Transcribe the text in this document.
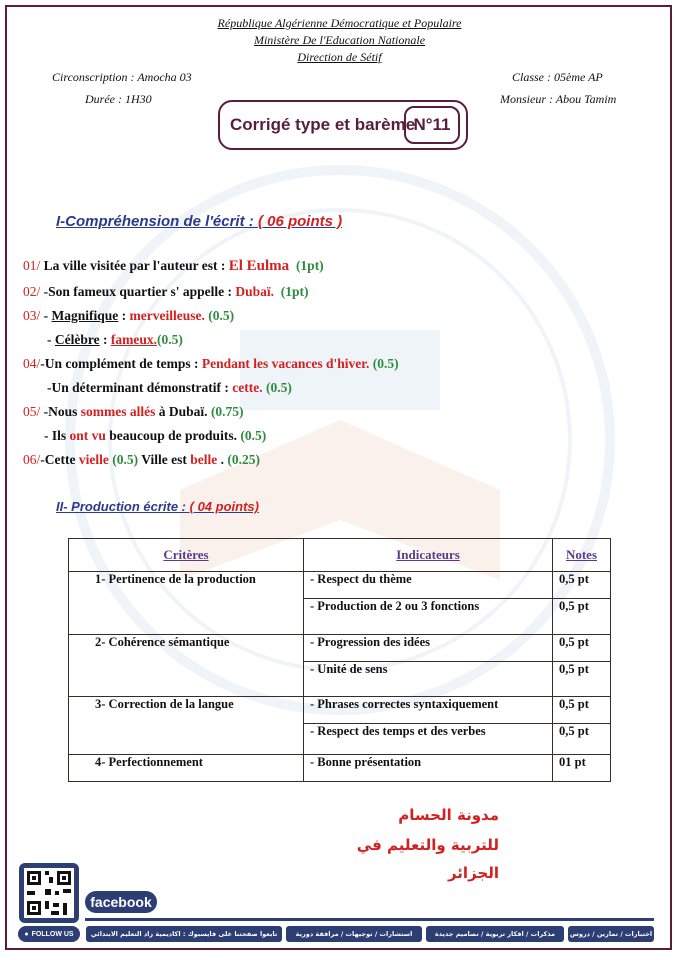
République Algérienne Démocratique et Populaire
Ministère De l'Education Nationale
Direction de Sétif
Circonscription : Amocha 03
Durée : 1H30
Classe : 05ème AP
Monsieur : Abou Tamim
Corrigé type et barème
N°11
I-Compréhension de l'écrit : ( 06 points )
01/ La ville visitée par l'auteur est : El Eulma (1pt)
02/ -Son fameux quartier s' appelle : Dubaï. (1pt)
03/ - Magnifique : merveilleuse. (0.5)
- Célèbre : fameux.(0.5)
04/-Un complément de temps : Pendant les vacances d'hiver. (0.5)
-Un déterminant démonstratif : cette. (0.5)
05/ -Nous sommes allés à Dubaï. (0.75)
- Ils ont vu beaucoup de produits. (0.5)
06/-Cette vielle (0.5) Ville est belle . (0.25)
II- Production écrite : ( 04 points)
Critères	Indicateurs	Notes
1- Pertinence de la production	- Respect du thème	0,5 pt
	- Production de 2 ou 3 fonctions	0,5 pt
2- Cohérence sémantique	- Progression des idées	0,5 pt
	- Unité de sens	0,5 pt
3- Correction de la langue	- Phrases correctes syntaxiquement	0,5 pt
	- Respect des temps et des verbes	0,5 pt
4- Perfectionnement	- Bonne présentation	01 pt
مدونة الحسام
للتربية والتعليم في
الجزائر
facebook
● FOLLOW US	اختبارات / تمارين / دروس
مذكرات / افكار تربوية / تصاميم جديدة
استشارات / توجيهات / مرافقة دورية
تابعوا صفحتنا على فايسبوك : اكاديمية زاد التعليم الابتدائي
